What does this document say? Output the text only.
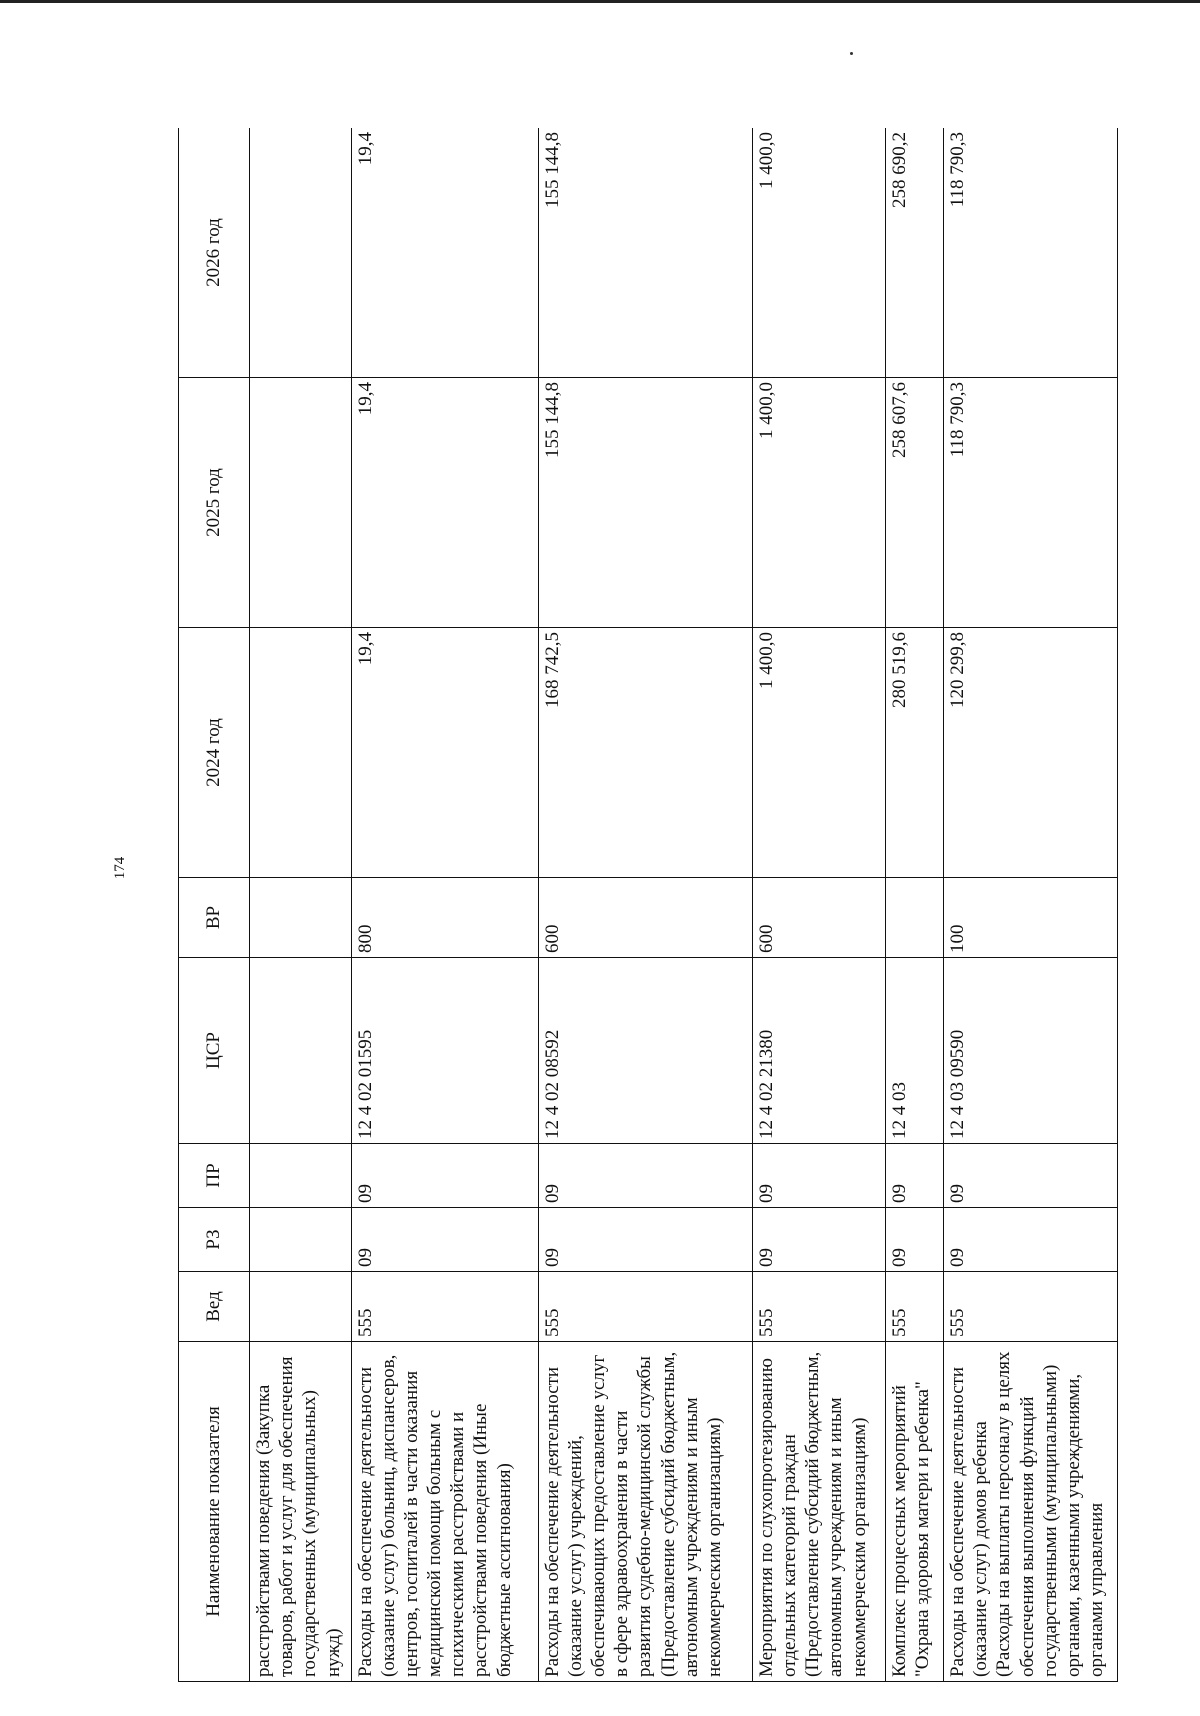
174
Наименование показателя	Вед	РЗ	ПР	ЦСР	ВР	2024 год	2025 год	2026 год
расстройствами поведения (Закупка товаров, работ и услуг для обеспечения государственных (муниципальных) нужд)								
Расходы на обеспечение деятельности (оказание услуг) больниц, диспансеров, центров, госпиталей в части оказания медицинской помощи больным с психическими расстройствами и расстройствами поведения (Иные бюджетные ассигнования)	555	09	09	12 4 02 01595	800	19,4	19,4	19,4
Расходы на обеспечение деятельности (оказание услуг) учреждений, обеспечивающих предоставление услуг в сфере здравоохранения в части развития судебно-медицинской службы (Предоставление субсидий бюджетным, автономным учреждениям и иным некоммерческим организациям)	555	09	09	12 4 02 08592	600	168 742,5	155 144,8	155 144,8
Мероприятия по слухопротезированию отдельных категорий граждан (Предоставление субсидий бюджетным, автономным учреждениям и иным некоммерческим организациям)	555	09	09	12 4 02 21380	600	1 400,0	1 400,0	1 400,0
Комплекс процессных мероприятий "Охрана здоровья матери и ребенка"	555	09	09	12 4 03		280 519,6	258 607,6	258 690,2
Расходы на обеспечение деятельности (оказание услуг) домов ребенка (Расходы на выплаты персоналу в целях обеспечения выполнения функций государственными (муниципальными) органами, казенными учреждениями, органами управления	555	09	09	12 4 03 09590	100	120 299,8	118 790,3	118 790,3
